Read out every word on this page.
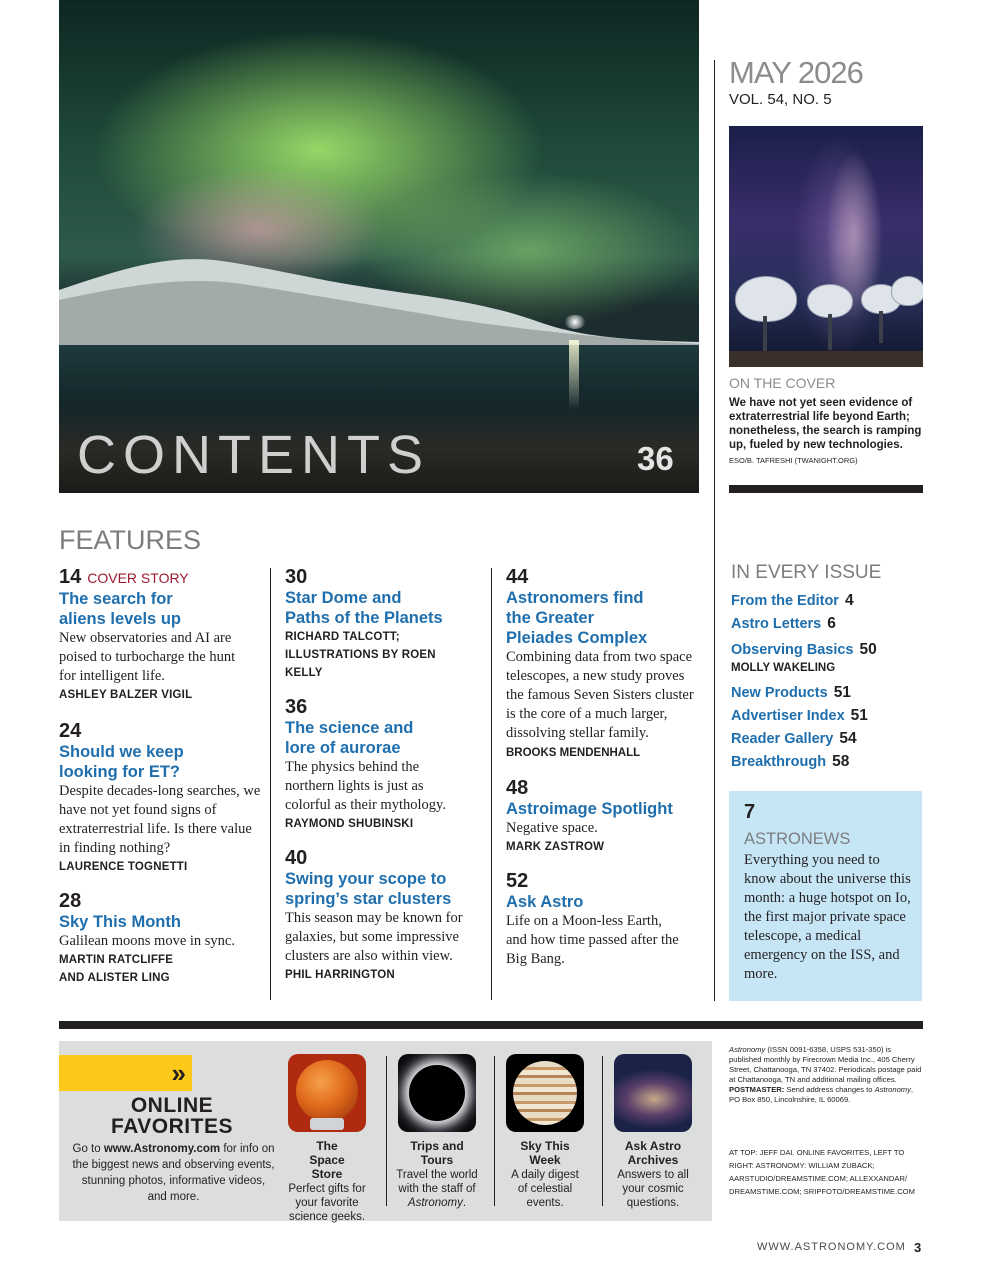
CONTENTS	36
MAY 2026
VOL. 54, NO. 5
ON THE COVER
We have not yet seen evidence of extraterrestrial life beyond Earth; nonetheless, the search is ramping up, fueled by new technologies.
ESO/B. TAFRESHI (TWANIGHT.ORG)
FEATURES
14 COVER STORY
The search for aliens levels up
New observatories and AI are poised to turbocharge the hunt for intelligent life.
ASHLEY BALZER VIGIL
24
Should we keep looking for ET?
Despite decades-long searches, we have not yet found signs of extraterrestrial life. Is there value in finding nothing?
LAURENCE TOGNETTI
28
Sky This Month
Galilean moons move in sync.
MARTIN RATCLIFFE AND ALISTER LING
30
Star Dome and Paths of the Planets
RICHARD TALCOTT; ILLUSTRATIONS BY ROEN KELLY
36
The science and lore of aurorae
The physics behind the northern lights is just as colorful as their mythology.
RAYMOND SHUBINSKI
40
Swing your scope to spring’s star clusters
This season may be known for galaxies, but some impressive clusters are also within view.
PHIL HARRINGTON
44
Astronomers find the Greater Pleiades Complex
Combining data from two space telescopes, a new study proves the famous Seven Sisters cluster is the core of a much larger, dissolving stellar family. BROOKS MENDENHALL
48
Astroimage Spotlight
Negative space.
MARK ZASTROW
52
Ask Astro
Life on a Moon-less Earth, and how time passed after the Big Bang.
IN EVERY ISSUE
From the Editor 4
Astro Letters 6
Observing Basics 50
MOLLY WAKELING
New Products 51
Advertiser Index 51
Reader Gallery 54
Breakthrough 58
7
ASTRONEWS
Everything you need to know about the universe this month: a huge hotspot on Io, the first major private space telescope, a medical emergency on the ISS, and more.
»
ONLINE FAVORITES
Go to www.Astronomy.com for info on the biggest news and observing events, stunning photos, informative videos, and more.
The Space Store
Perfect gifts for your favorite science geeks.
Trips and Tours
Travel the world with the staff of Astronomy.
Sky This Week
A daily digest of celestial events.
Ask Astro Archives
Answers to all your cosmic questions.
Astronomy (ISSN 0091-6358, USPS 531-350) is published monthly by Firecrown Media Inc., 405 Cherry Street, Chattanooga, TN 37402. Periodicals postage paid at Chattanooga, TN and additional mailing offices. POSTMASTER: Send address changes to Astronomy, PO Box 850, Lincolnshire, IL 60069.
AT TOP: JEFF DAI. ONLINE FAVORITES, LEFT TO RIGHT: ASTRONOMY: WILLIAM ZUBACK; AARSTUDIO/DREAMSTIME.COM; ALLEXXANDAR/ DREAMSTIME.COM; SRIPFOTO/DREAMSTIME.COM
WWW.ASTRONOMY.COM 3
